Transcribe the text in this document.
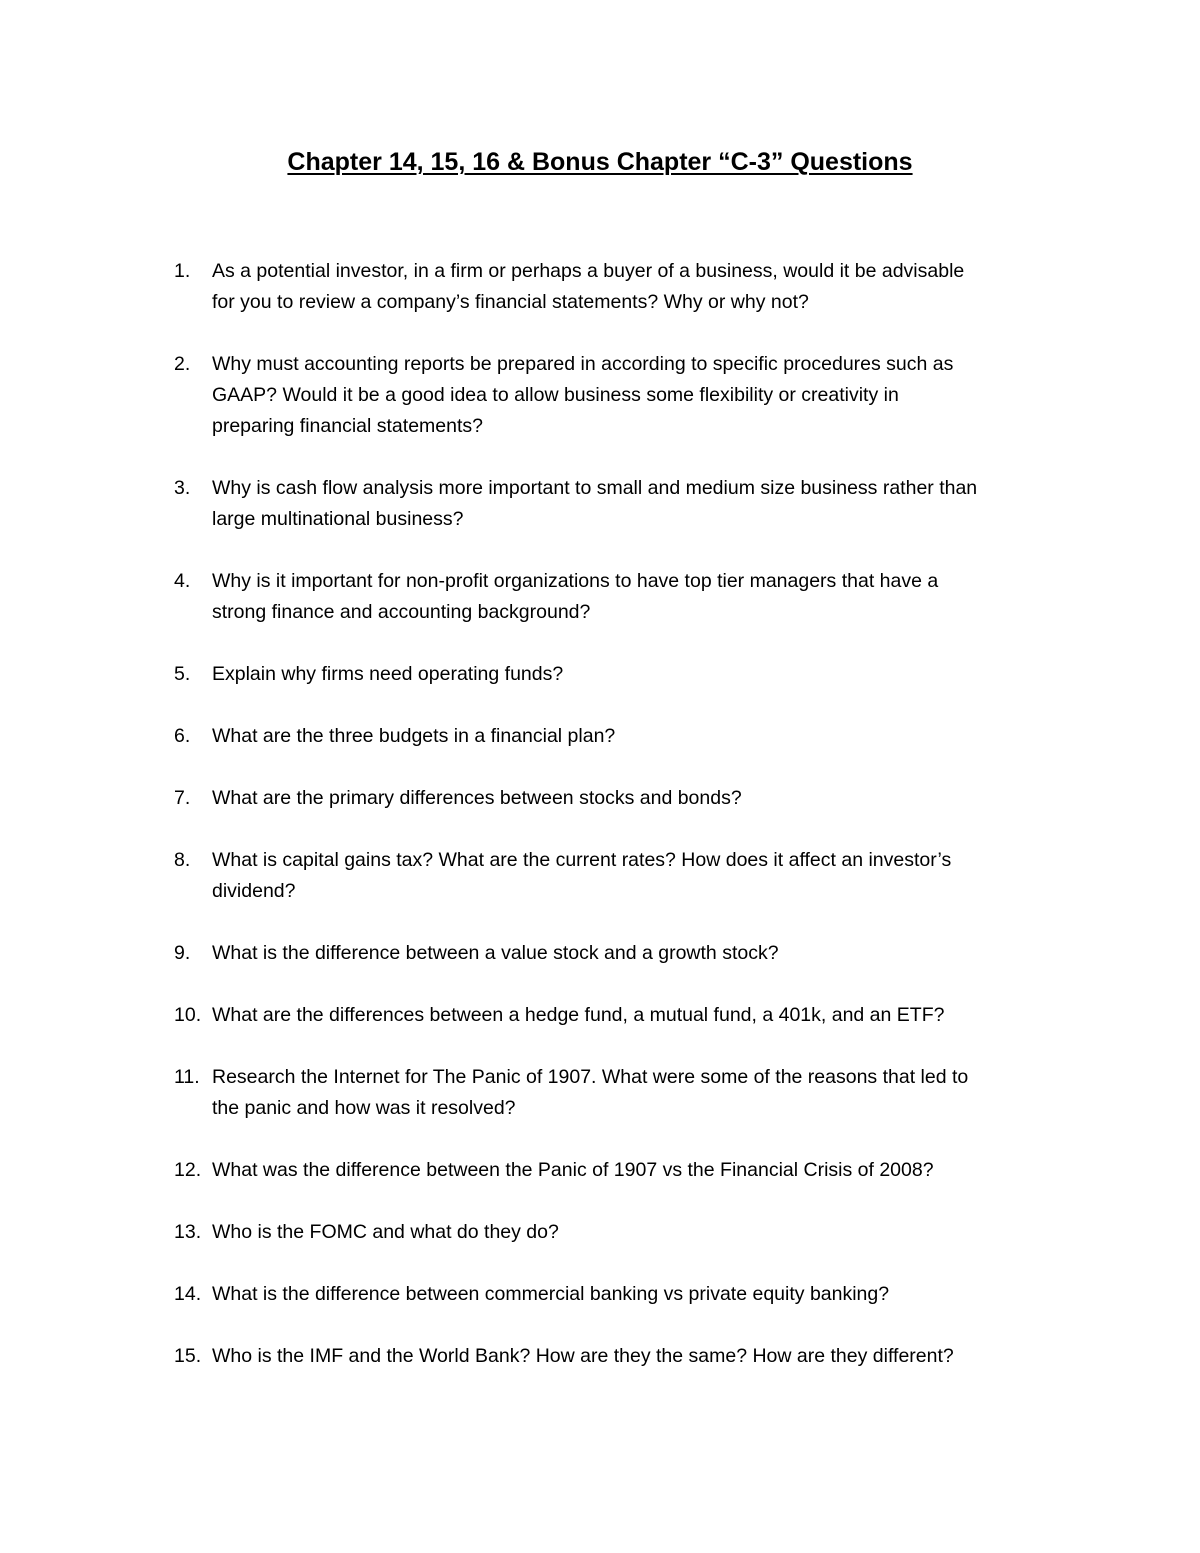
Chapter 14, 15, 16 & Bonus Chapter “C-3” Questions
1. As a potential investor, in a firm or perhaps a buyer of a business, would it be advisable
for you to review a company’s financial statements? Why or why not?
2. Why must accounting reports be prepared in according to specific procedures such as
GAAP? Would it be a good idea to allow business some flexibility or creativity in
preparing financial statements?
3. Why is cash flow analysis more important to small and medium size business rather than
large multinational business?
4. Why is it important for non-profit organizations to have top tier managers that have a
strong finance and accounting background?
5. Explain why firms need operating funds?
6. What are the three budgets in a financial plan?
7. What are the primary differences between stocks and bonds?
8. What is capital gains tax? What are the current rates? How does it affect an investor’s
dividend?
9. What is the difference between a value stock and a growth stock?
10. What are the differences between a hedge fund, a mutual fund, a 401k, and an ETF?
11. Research the Internet for The Panic of 1907. What were some of the reasons that led to
the panic and how was it resolved?
12. What was the difference between the Panic of 1907 vs the Financial Crisis of 2008?
13. Who is the FOMC and what do they do?
14. What is the difference between commercial banking vs private equity banking?
15. Who is the IMF and the World Bank? How are they the same? How are they different?
